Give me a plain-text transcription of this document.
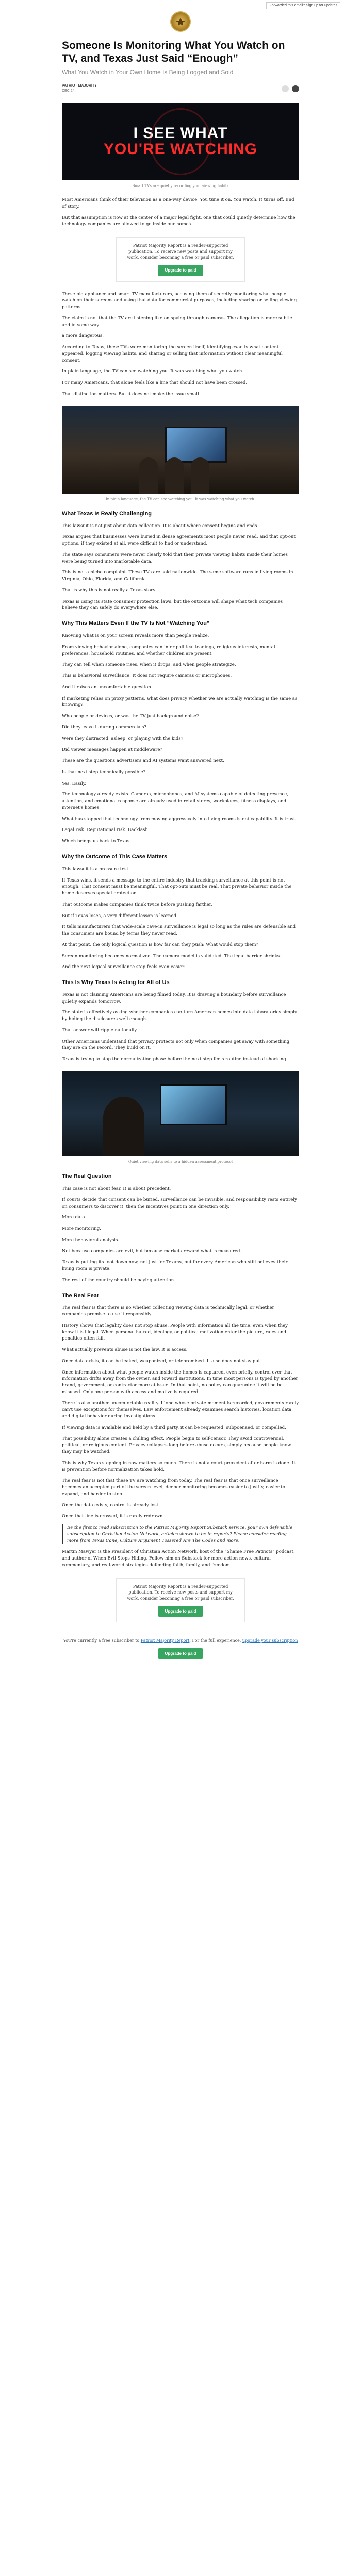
Forwarded this email? Sign up for updates
Someone Is Monitoring What You Watch on TV, and Texas Just Said “Enough”
What You Watch in Your Own Home Is Being Logged and Sold
PATRIOT MAJORITY
DEC 24
I SEE WHAT
YOU'RE WATCHING
Smart TVs are quietly recording your viewing habits

Most Americans think of their television as a one-way device. You tune it on. You watch. It turns off. End of story.

But that assumption is now at the center of a major legal fight, one that could quietly determine how the technology companies are allowed to go inside our homes.

Patriot Majority Report is a reader-supported publication. To receive new posts and support my work, consider becoming a free or paid subscriber.
Upgrade to paid

These big appliance and smart TV manufacturers, accusing them of secretly monitoring what people watch on their screens and using that data for commercial purposes, including sharing or selling viewing patterns.

The claim is not that the TV are listening like on spying through cameras. The allegation is more subtle and in some way

a more dangerous.

According to Texas, these TVs were monitoring the screen itself, identifying exactly what content appeared, logging viewing habits, and sharing or selling that information without clear meaningful consent.

In plain language, the TV can see watching you. It was watching what you watch.

For many Americans, that alone feels like a line that should not have been crossed.

That distinction matters. But it does not make the issue small.

In plain language, the TV can see watching you. It was watching what you watch.
What Texas Is Really Challenging

This lawsuit is not just about data collection. It is about where consent begins and ends.

Texas argues that businesses were buried in dense agreements most people never read, and that opt-out options, if they existed at all, were difficult to find or understand.

The state says consumers were never clearly told that their private viewing habits inside their homes were being turned into marketable data.

This is not a niche complaint. These TVs are sold nationwide. The same software runs in living rooms in Virginia, Ohio, Florida, and California.

That is why this is not really a Texas story.

Texas is using its state consumer protection laws, but the outcome will shape what tech companies believe they can safely do everywhere else.

Why This Matters Even If the TV Is Not “Watching You”

Knowing what is on your screen reveals more than people realize.

From viewing behavior alone, companies can infer political leanings, religious interests, mental preferences, household routines, and whether children are present.

They can tell when someone rises, when it drops, and when people strategize.

This is behavioral surveillance. It does not require cameras or microphones.

And it raises an uncomfortable question.

If marketing relies on proxy patterns, what does privacy whether we are actually watching is the same as knowing?

Who people or devices, or was the TV just background noise?

Did they leave it during commercials?

Were they distracted, asleep, or playing with the kids?

Did viewer messages happen at middleware?

These are the questions advertisers and AI systems want answered next.

Is that next step technically possible?

Yes. Easily.

The technology already exists. Cameras, microphones, and AI systems capable of detecting presence, attention, and emotional response are already used in retail stores, workplaces, fitness displays, and internet's homes.

What has stopped that technology from moving aggressively into living rooms is not capability. It is trust.

Legal risk. Reputational risk. Backlash.

Which brings us back to Texas.

Why the Outcome of This Case Matters

This lawsuit is a pressure test.

If Texas wins, it sends a message to the entire industry that tracking surveillance at this point is not enough. That consent must be meaningful. That opt-outs must be real. That private behavior inside the home deserves special protection.

That outcome makes companies think twice before pushing farther.

But if Texas loses, a very different lesson is learned.

It tells manufacturers that wide-scale cave-in surveillance is legal so long as the rules are defensible and the consumers are bound by terms they never read.

At that point, the only logical question is how far can they push: What would stop them?

Screen monitoring becomes normalized. The camera model is validated. The legal barrier shrinks.

And the next logical surveillance step feels even easier.

This Is Why Texas Is Acting for All of Us

Texas is not claiming Americans are being filmed today. It is drawing a boundary before surveillance quietly expands tomorrow.

The state is effectively asking whether companies can turn American homes into data laboratories simply by hiding the disclosures well enough.

That answer will ripple nationally.

Other Americans understand that privacy protects not only when companies get away with something, they are on the record. They build on it.

Texas is trying to stop the normalization phase before the next step feels routine instead of shocking.

Quiet viewing data sells to a hidden assessment protocol
The Real Question

This case is not about fear. It is about precedent.

If courts decide that consent can be buried, surveillance can be invisible, and responsibility rests entirely on consumers to discover it, then the incentives point in one direction only.

More data.

More monitoring.

More behavioral analysis.

Not because companies are evil, but because markets reward what is measured.

Texas is putting its foot down now, not just for Texans, but for every American who still believes their living room is private.

The rest of the country should be paying attention.

The Real Fear

The real fear is that there is no whether collecting viewing data is technically legal, or whether companies promise to use it responsibly.

History shows that legality does not stop abuse. People with information all the time, even when they know it is illegal. When personal hatred, ideology, or political motivation enter the picture, rules and penalties often fail.

What actually prevents abuse is not the law. It is access.

Once data exists, it can be leaked, weaponized, or telepromised. It also does not stay put.

Once information about what people watch inside the homes is captured, even briefly, control over that information drifts away from the owner, and toward institutions. In time most persons is typed by another brand, government, or contractor more at issue. In that point, no policy can guarantee it will be be misused. Only one person with access and motive is required.

There is also another uncomfortable reality. If one whose private moment is recorded, governments rarely can't use exceptions for themselves. Law enforcement already examines search histories, location data, and digital behavior during investigations.

If viewing data is available and held by a third party, it can be requested, subpoenaed, or compelled.

That possibility alone creates a chilling effect. People begin to self-censor. They avoid controversial, political, or religious content. Privacy collapses long before abuse occurs, simply because people know they may be watched.

This is why Texas stepping in now matters so much. There is not a court precedent after harm is done. It is prevention before normalization takes hold.

The real fear is not that these TV are watching from today. The real fear is that once surveillance becomes an accepted part of the screen level, deeper monitoring becomes easier to justify, easier to expand, and harder to stop.

Once the data exists, control is already lost.

Once that line is crossed, it is rarely redrawn.

Be the first to read subscription to the Patriot Majority Report Substack service, your own defensible subscription to Christian Action Network, articles shown to be in reports? Please consider reading more from Texas Cane, Culture Argument Tossered Are The Codes and more.

Martin Mawyer is the President of Christian Action Network, host of the “Shame Free Patriots” podcast, and author of When Evil Stops Hiding. Follow him on Substack for more action news, cultural commentary, and real-world strategies defending faith, family, and freedom.

Patriot Majority Report is a reader-supported publication. To receive new posts and support my work, consider becoming a free or paid subscriber.
Upgrade to paid
You're currently a free subscriber to Patriot Majority Report. For the full experience, upgrade your subscription
Upgrade to paid
